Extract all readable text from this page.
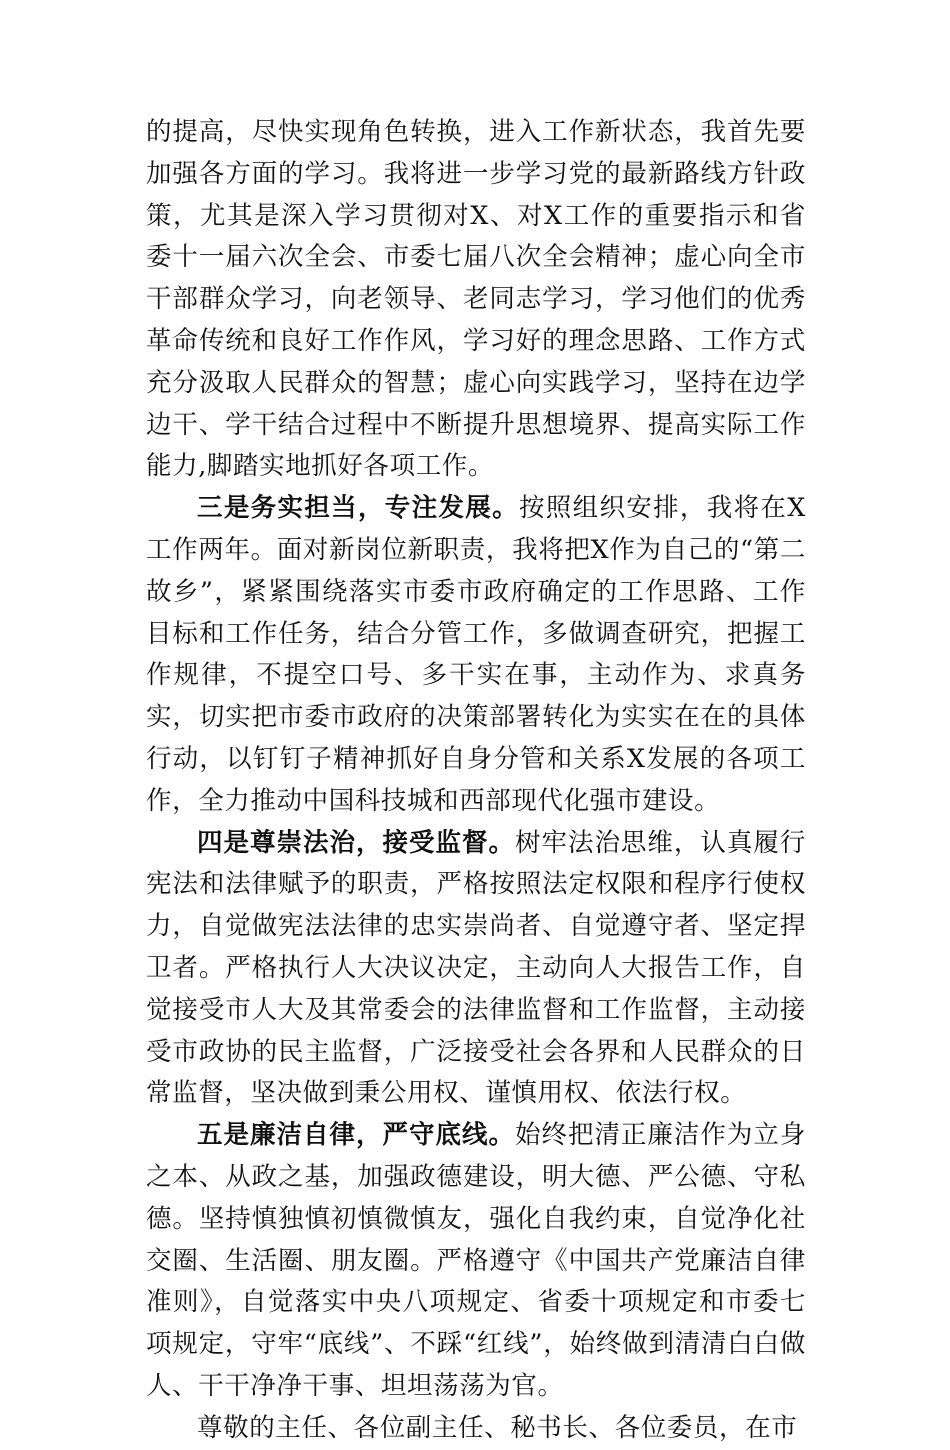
的提高，尽快实现角色转换，进入工作新状态，我首先要加强各方面的学习。我将进一步学习党的最新路线方针政策，尤其是深入学习贯彻对X、对X工作的重要指示和省委十一届六次全会、市委七届八次全会精神；虚心向全市干部群众学习，向老领导、老同志学习，学习他们的优秀革命传统和良好工作作风，学习好的理念思路、工作方式充分汲取人民群众的智慧；虚心向实践学习，坚持在边学边干、学干结合过程中不断提升思想境界、提高实际工作能力,脚踏实地抓好各项工作。

三是务实担当，专注发展。按照组织安排，我将在X工作两年。面对新岗位新职责，我将把X作为自己的“第二故乡”，紧紧围绕落实市委市政府确定的工作思路、工作目标和工作任务，结合分管工作，多做调查研究，把握工作规律，不提空口号、多干实在事，主动作为、求真务实，切实把市委市政府的决策部署转化为实实在在的具体行动，以钉钉子精神抓好自身分管和关系X发展的各项工作，全力推动中国科技城和西部现代化强市建设。

四是尊崇法治，接受监督。树牢法治思维，认真履行宪法和法律赋予的职责，严格按照法定权限和程序行使权力，自觉做宪法法律的忠实崇尚者、自觉遵守者、坚定捍卫者。严格执行人大决议决定，主动向人大报告工作，自觉接受市人大及其常委会的法律监督和工作监督，主动接受市政协的民主监督，广泛接受社会各界和人民群众的日常监督，坚决做到秉公用权、谨慎用权、依法行权。

五是廉洁自律，严守底线。始终把清正廉洁作为立身之本、从政之基，加强政德建设，明大德、严公德、守私德。坚持慎独慎初慎微慎友，强化自我约束，自觉净化社交圈、生活圈、朋友圈。严格遵守《中国共产党廉洁自律准则》，自觉落实中央八项规定、省委十项规定和市委七项规定，守牢“底线”、不踩“红线”，始终做到清清白白做人、干干净净干事、坦坦荡荡为官。

尊敬的主任、各位副主任、秘书长、各位委员，在市
